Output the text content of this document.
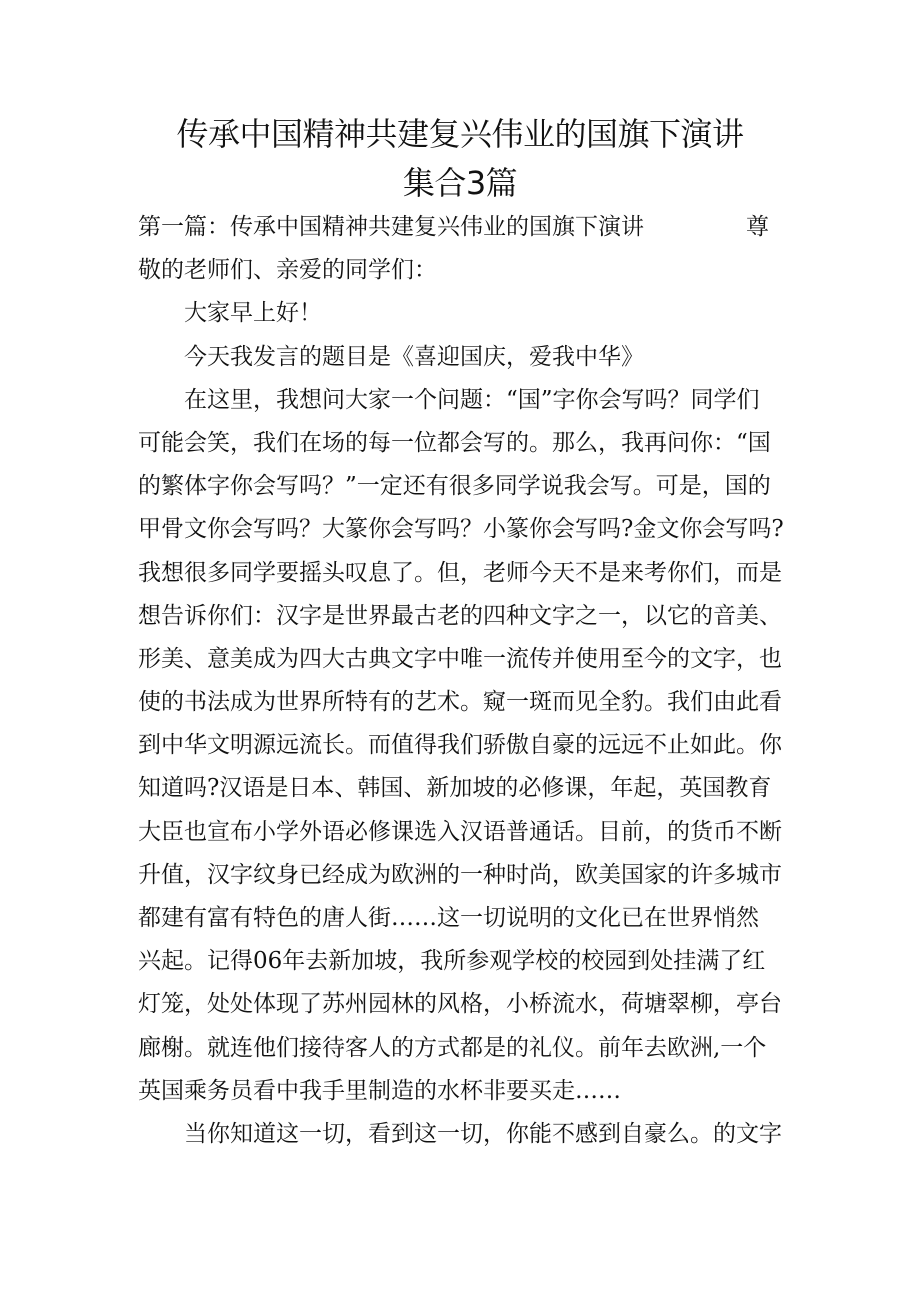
传承中国精神共建复兴伟业的国旗下演讲
集合3篇
第一篇：传承中国精神共建复兴伟业的国旗下演讲	尊
敬的老师们、亲爱的同学们：
大家早上好！
今天我发言的题目是《喜迎国庆，爱我中华》
在这里，我想问大家一个问题：“国”字你会写吗？同学们
可能会笑，我们在场的每一位都会写的。那么，我再问你：“国
的繁体字你会写吗？”一定还有很多同学说我会写。可是，国的
甲骨文你会写吗？大篆你会写吗？小篆你会写吗?金文你会写吗?
我想很多同学要摇头叹息了。但，老师今天不是来考你们，而是
想告诉你们：汉字是世界最古老的四种文字之一，以它的音美、
形美、意美成为四大古典文字中唯一流传并使用至今的文字，也
使的书法成为世界所特有的艺术。窥一斑而见全豹。我们由此看
到中华文明源远流长。而值得我们骄傲自豪的远远不止如此。你
知道吗?汉语是日本、韩国、新加坡的必修课，年起，英国教育
大臣也宣布小学外语必修课选入汉语普通话。目前，的货币不断
升值，汉字纹身已经成为欧洲的一种时尚，欧美国家的许多城市
都建有富有特色的唐人街……这一切说明的文化已在世界悄然
兴起。记得06年去新加坡，我所参观学校的校园到处挂满了红
灯笼，处处体现了苏州园林的风格，小桥流水，荷塘翠柳，亭台
廊榭。就连他们接待客人的方式都是的礼仪。前年去欧洲,一个
英国乘务员看中我手里制造的水杯非要买走……
当你知道这一切，看到这一切，你能不感到自豪么。的文字
